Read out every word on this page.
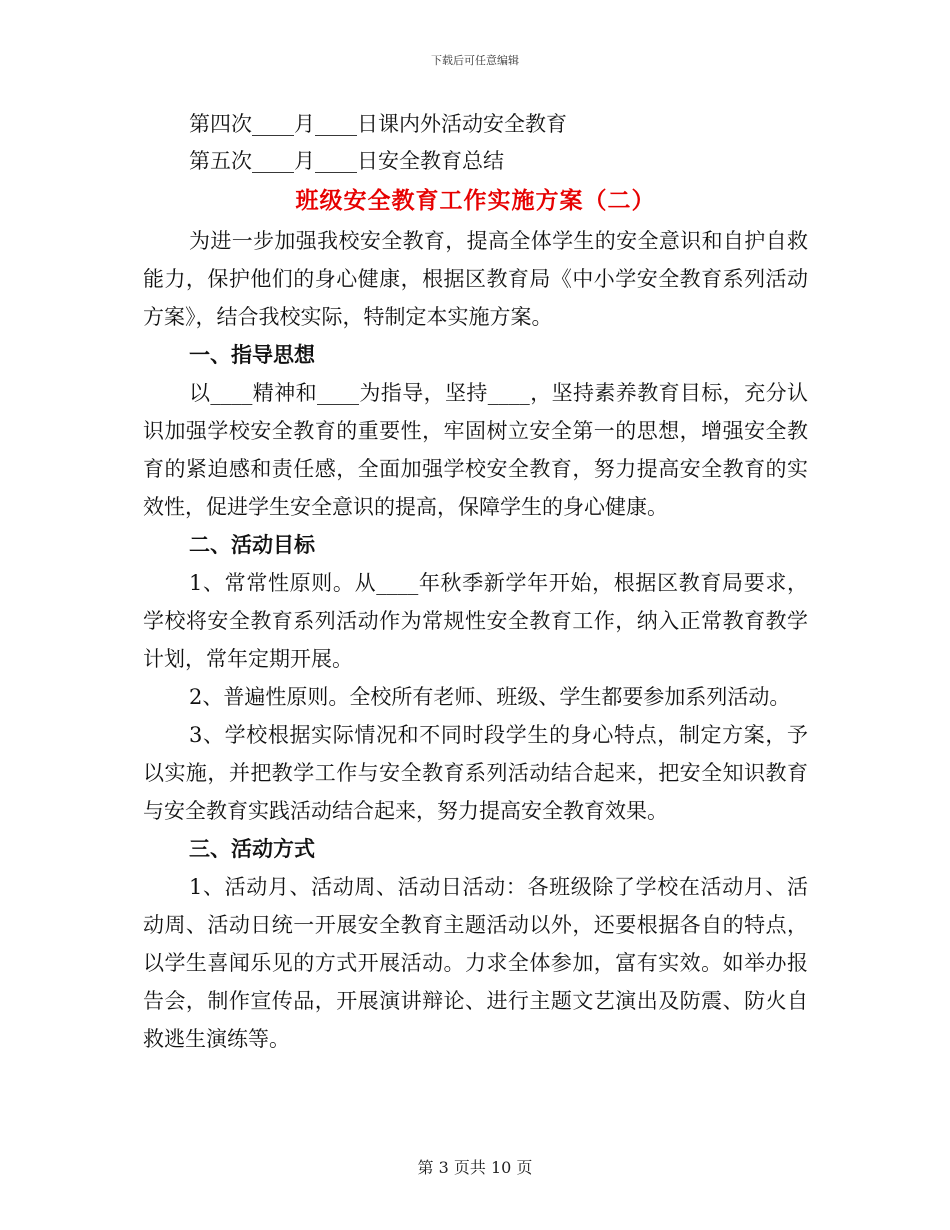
下载后可任意编辑
第四次____月____日课内外活动安全教育
第五次____月____日安全教育总结
班级安全教育工作实施方案（二）
为进一步加强我校安全教育，提高全体学生的安全意识和自护自救能力，保护他们的身心健康，根据区教育局《中小学安全教育系列活动方案》，结合我校实际，特制定本实施方案。
一、指导思想
以____精神和____为指导，坚持____，坚持素养教育目标，充分认识加强学校安全教育的重要性，牢固树立安全第一的思想，增强安全教育的紧迫感和责任感，全面加强学校安全教育，努力提高安全教育的实效性，促进学生安全意识的提高，保障学生的身心健康。
二、活动目标
1、常常性原则。从____年秋季新学年开始，根据区教育局要求，学校将安全教育系列活动作为常规性安全教育工作，纳入正常教育教学计划，常年定期开展。
2、普遍性原则。全校所有老师、班级、学生都要参加系列活动。
3、学校根据实际情况和不同时段学生的身心特点，制定方案，予以实施，并把教学工作与安全教育系列活动结合起来，把安全知识教育与安全教育实践活动结合起来，努力提高安全教育效果。
三、活动方式
1、活动月、活动周、活动日活动：各班级除了学校在活动月、活动周、活动日统一开展安全教育主题活动以外，还要根据各自的特点，以学生喜闻乐见的方式开展活动。力求全体参加，富有实效。如举办报告会，制作宣传品，开展演讲辩论、进行主题文艺演出及防震、防火自救逃生演练等。
第 3 页共 10 页
